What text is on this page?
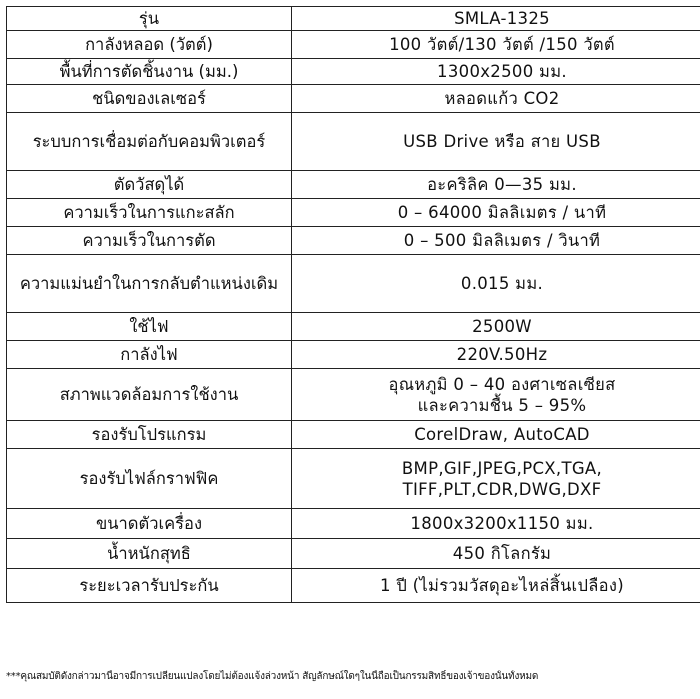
รุ่น	SMLA-1325

กาลังหลอด (วัตต์)	100 วัตต์/130 วัตต์ /150 วัตต์

พื้นที่การตัดชิ้นงาน (มม.)	1300x2500 มม.

ชนิดของเลเซอร์	หลอดแก้ว CO2

ระบบการเชื่อมต่อกับคอมพิวเตอร์	USB Drive หรือ สาย USB

ตัดวัสดุได้	อะคริลิค 0—35 มม.

ความเร็วในการแกะสลัก	0 – 64000 มิลลิเมตร / นาที

ความเร็วในการตัด	0 – 500 มิลลิเมตร / วินาที

ความแม่นยำในการกลับตำแหน่งเดิม	0.015 มม.

ใช้ไฟ	2500W

กาลังไฟ	220V.50Hz

สภาพแวดล้อมการใช้งาน	อุณหภูมิ 0 – 40 องศาเซลเซียส
และความชื้น 5 – 95%

รองรับโปรแกรม	CorelDraw, AutoCAD

รองรับไฟล์กราฟฟิค	BMP,GIF,JPEG,PCX,TGA,
TIFF,PLT,CDR,DWG,DXF

ขนาดตัวเครื่อง	1800x3200x1150 มม.

น้ำหนักสุทธิ	450 กิโลกรัม

ระยะเวลารับประกัน	1 ปี (ไม่รวมวัสดุอะไหล่สิ้นเปลือง)
***คุณสมบัติดังกล่าวมานี้อาจมีการเปลี่ยนแปลงโดยไม่ต้องแจ้งล่วงหน้า สัญลักษณ์ใดๆในนี้ถือเป็นกรรมสิทธิ์ของเจ้าของนั้นทั้งหมด
